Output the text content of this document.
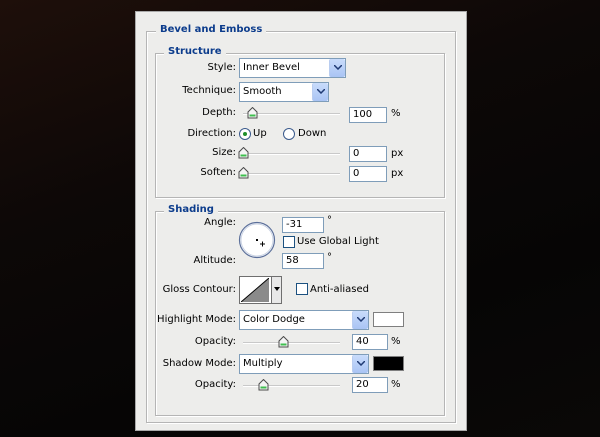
Bevel and Emboss
Structure
Style: Inner Bevel
Technique: Smooth
Depth:	100	%
Direction: Up	Down
Size:	0	px
Soften:	0	px
Shading
Angle:	-31	°
Use Global Light
Altitude:	58	°
Gloss Contour:	Anti-aliased
Highlight Mode: Color Dodge
Opacity:	40	%
Shadow Mode: Multiply
Opacity:	20	%
